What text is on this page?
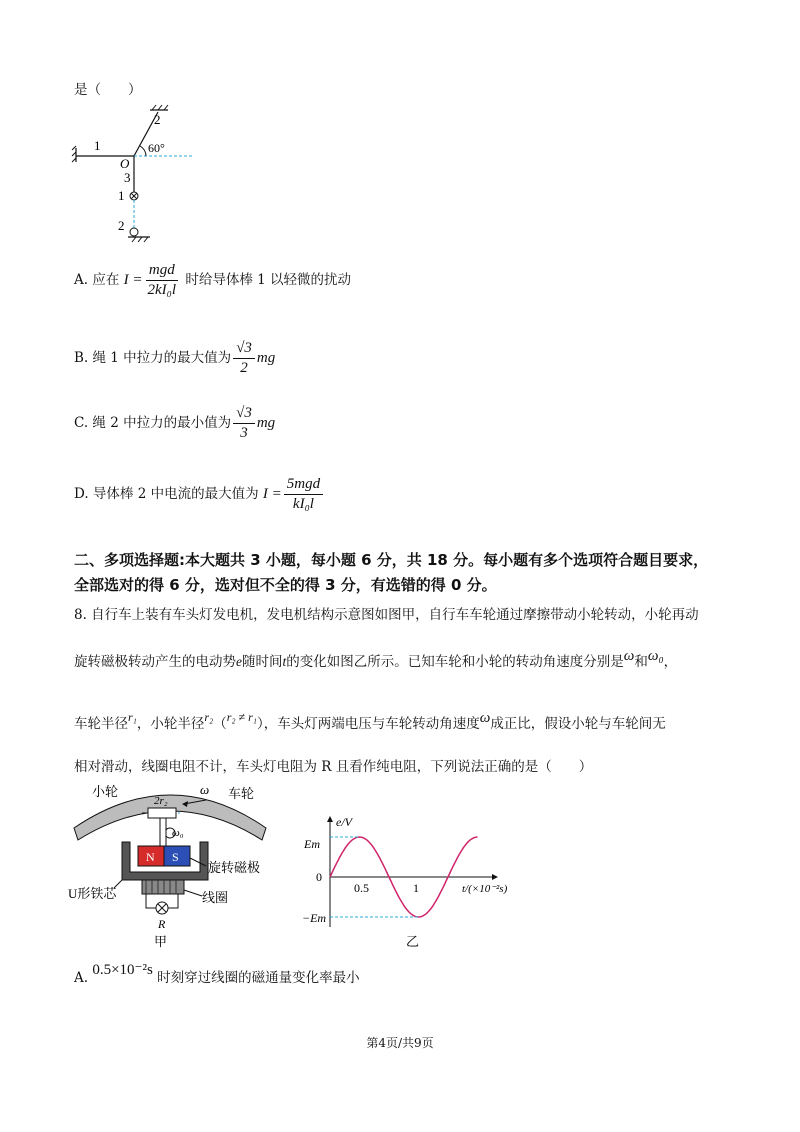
是（　　）
1
2
O
60°
3
1
2
A. 应在 $I = \frac{\text{mgd}}{\text{2kI₀l}}$ 时给导体棒 1 以轻微的扰动
B. 绳 1 中拉力的最大值为 $\frac{√3}{2}$ mg
C. 绳 2 中拉力的最小值为 $\frac{√3}{3}$ mg
D. 导体棒 2 中电流的最大值为 $I = \frac{\text{5mgd}}{\text{kI₀l}}$
二、多项选择题:本大题共 3 小题，每小题 6 分，共 18 分。每小题有多个选项符合题目要求，
全部选对的得 6 分，选对但不全的得 3 分，有选错的得 0 分。
8. 自行车上装有车头灯发电机，发电机结构示意图如图甲，自行车车轮通过摩擦带动小轮转动，小轮再动
旋转磁极转动产生的电动势e随时间t的变化如图乙所示。已知车轮和小轮的转动角速度分别是ω和ω₀，
车轮半径r₁，小轮半径r₂（r₂ ≠ r₁），车头灯两端电压与车轮转动角速度ω成正比，假设小轮与车轮间无
相对滑动，线圈电阻不计，车头灯电阻为 R 且看作纯电阻，下列说法正确的是（　　）
小轮
2r₂
ω 车轮
ω₀
N S
旋转磁极
U形铁芯	线圈
R
甲
e/V
Em
0
−Em
0.5	1	t/(×10⁻²s)
乙
A. 0.5×10⁻²s 时刻穿过线圈的磁通量变化率最小
第4页/共9页
